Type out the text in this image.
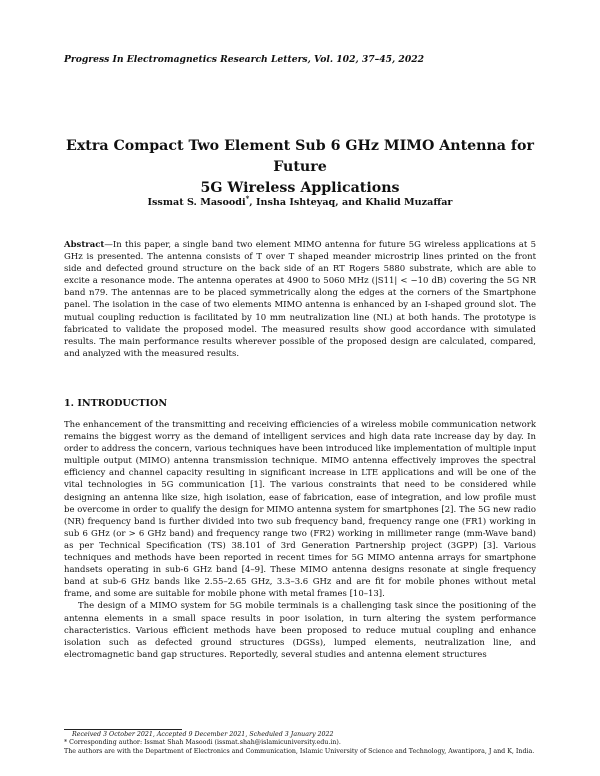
Progress In Electromagnetics Research Letters, Vol. 102, 37–45, 2022
Extra Compact Two Element Sub 6 GHz MIMO Antenna for Future
5G Wireless Applications
Issmat S. Masoodi*, Insha Ishteyaq, and Khalid Muzaffar
Abstract—In this paper, a single band two element MIMO antenna for future 5G wireless applications at 5 GHz is presented. The antenna consists of T over T shaped meander microstrip lines printed on the front side and defected ground structure on the back side of an RT Rogers 5880 substrate, which are able to excite a resonance mode. The antenna operates at 4900 to 5060 MHz (|S11| < −10 dB) covering the 5G NR band n79. The antennas are to be placed symmetrically along the edges at the corners of the Smartphone panel. The isolation in the case of two elements MIMO antenna is enhanced by an I-shaped ground slot. The mutual coupling reduction is facilitated by 10 mm neutralization line (NL) at both hands. The prototype is fabricated to validate the proposed model. The measured results show good accordance with simulated results. The main performance results wherever possible of the proposed design are calculated, compared, and analyzed with the measured results.
1. INTRODUCTION

The enhancement of the transmitting and receiving efficiencies of a wireless mobile communication network remains the biggest worry as the demand of intelligent services and high data rate increase day by day. In order to address the concern, various techniques have been introduced like implementation of multiple input multiple output (MIMO) antenna transmission technique. MIMO antenna effectively improves the spectral efficiency and channel capacity resulting in significant increase in LTE applications and will be one of the vital technologies in 5G communication [1]. The various constraints that need to be considered while designing an antenna like size, high isolation, ease of fabrication, ease of integration, and low profile must be overcome in order to qualify the design for MIMO antenna system for smartphones [2]. The 5G new radio (NR) frequency band is further divided into two sub frequency band, frequency range one (FR1) working in sub 6 GHz (or > 6 GHz band) and frequency range two (FR2) working in millimeter range (mm-Wave band) as per Technical Specification (TS) 38.101 of 3rd Generation Partnership project (3GPP) [3]. Various techniques and methods have been reported in recent times for 5G MIMO antenna arrays for smartphone handsets operating in sub-6 GHz band [4–9]. These MIMO antenna designs resonate at single frequency band at sub-6 GHz bands like 2.55–2.65 GHz, 3.3–3.6 GHz and are fit for mobile phones without metal frame, and some are suitable for mobile phone with metal frames [10–13].

The design of a MIMO system for 5G mobile terminals is a challenging task since the positioning of the antenna elements in a small space results in poor isolation, in turn altering the system performance characteristics. Various efficient methods have been proposed to reduce mutual coupling and enhance isolation such as defected ground structures (DGSs), lumped elements, neutralization line, and electromagnetic band gap structures. Reportedly, several studies and antenna element structures

Received 3 October 2021, Accepted 9 December 2021, Scheduled 3 January 2022

* Corresponding author: Issmat Shah Masoodi (issmat.shah@islamicuniversity.edu.in).

The authors are with the Department of Electronics and Communication, Islamic University of Science and Technology, Awantipora, J and K, India.
